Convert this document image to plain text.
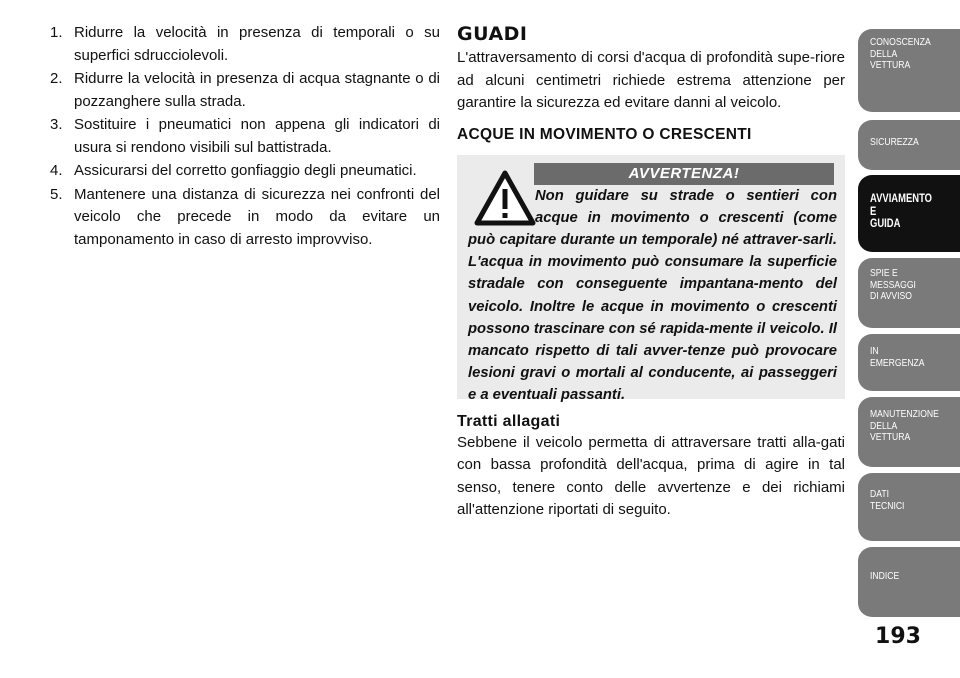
1. Ridurre la velocità in presenza di temporali o su superfici sdrucciolevoli.
2. Ridurre la velocità in presenza di acqua stagnante o di pozzanghere sulla strada.
3. Sostituire i pneumatici non appena gli indicatori di usura si rendono visibili sul battistrada.
4. Assicurarsi del corretto gonfiaggio degli pneumatici.
5. Mantenere una distanza di sicurezza nei confronti del veicolo che precede in modo da evitare un tamponamento in caso di arresto improvviso.
GUADI

L'attraversamento di corsi d'acqua di profondità supe-riore ad alcuni centimetri richiede estrema attenzione per garantire la sicurezza ed evitare danni al veicolo.

ACQUE IN MOVIMENTO O CRESCENTI
AVVERTENZA!
Non guidare su strade o sentieri con acque in movimento o crescenti (come può capitare durante un temporale) né attraver-sarli. L'acqua in movimento può consumare la superficie stradale con conseguente impantana-mento del veicolo. Inoltre le acque in movimento o crescenti possono trascinare con sé rapida-mente il veicolo. Il mancato rispetto di tali avver-tenze può provocare lesioni gravi o mortali al conducente, ai passeggeri e a eventuali passanti.
Tratti allagati

Sebbene il veicolo permetta di attraversare tratti alla-gati con bassa profondità dell'acqua, prima di agire in tal senso, tenere conto delle avvertenze e dei richiami all'attenzione riportati di seguito.

CONOSCENZA
DELLA
VETTURA
SICUREZZA
AVVIAMENTO
E
GUIDA
SPIE E
MESSAGGI
DI AVVISO
IN
EMERGENZA
MANUTENZIONE
DELLA
VETTURA
DATI
TECNICI
INDICE
193
